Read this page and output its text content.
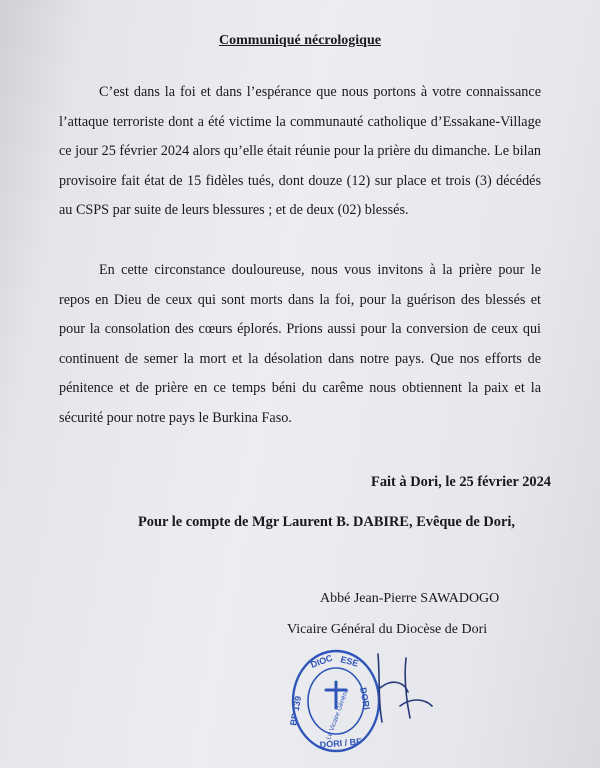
Communiqué nécrologique

C’est dans la foi et dans l’espérance que nous portons à votre connaissance l’attaque terroriste dont a été victime la communauté catholique d’Essakane-Village ce jour 25 février 2024 alors qu’elle était réunie pour la prière du dimanche. Le bilan provisoire fait état de 15 fidèles tués, dont douze (12) sur place et trois (3) décédés au CSPS par suite de leurs blessures ; et de deux (02) blessés.

En cette circonstance douloureuse, nous vous invitons à la prière pour le repos en Dieu de ceux qui sont morts dans la foi, pour la guérison des blessés et pour la consolation des cœurs éplorés. Prions aussi pour la conversion de ceux qui continuent de semer la mort et la désolation dans notre pays. Que nos efforts de pénitence et de prière en ce temps béni du carême nous obtiennent la paix et la sécurité pour notre pays le Burkina Faso.

Fait à Dori, le 25 février 2024
Pour le compte de Mgr Laurent B. DABIRE, Evêque de Dori,
Abbé Jean-Pierre SAWADOGO
Vicaire Général du Diocèse de Dori
DIOC ESE
DORI
BP 139
DORI / BF
Le Vicaire Général
